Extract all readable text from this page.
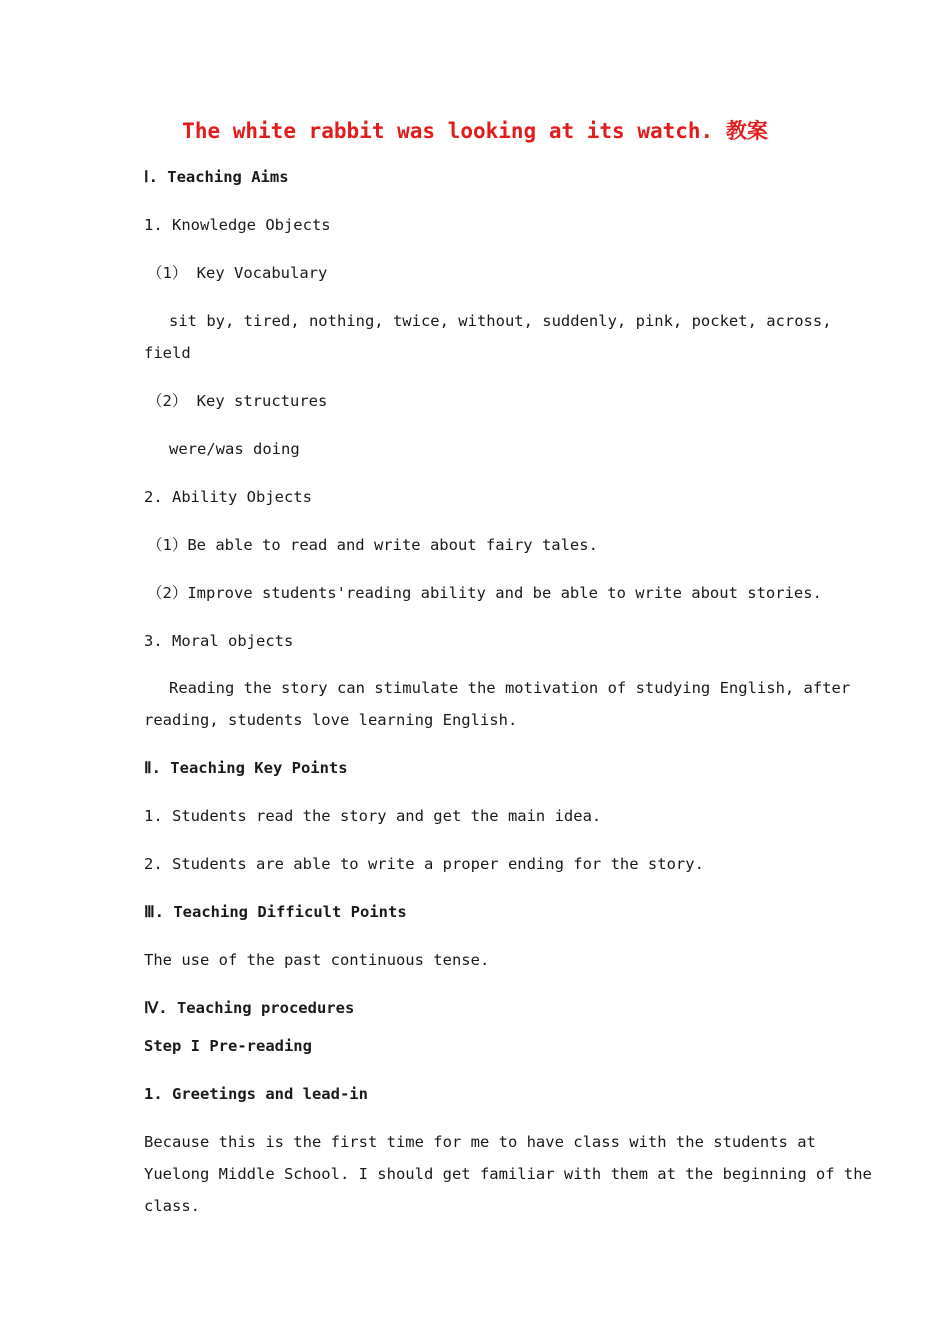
The white rabbit was looking at its watch. 教案
Ⅰ. Teaching Aims
1. Knowledge Objects
（1） Key Vocabulary
sit by, tired, nothing, twice, without, suddenly, pink, pocket, across,
field
（2） Key structures
were/was doing
2. Ability Objects
（1）Be able to read and write about fairy tales.
（2）Improve students'reading ability and be able to write about stories.
3. Moral objects
Reading the story can stimulate the motivation of studying English, after
reading, students love learning English.
Ⅱ. Teaching Key Points
1. Students read the story and get the main idea.
2. Students are able to write a proper ending for the story.
Ⅲ. Teaching Difficult Points
The use of the past continuous tense.
Ⅳ. Teaching procedures
Step I Pre-reading
1. Greetings and lead-in
Because this is the first time for me to have class with the students at
Yuelong Middle School. I should get familiar with them at the beginning of the
class.
